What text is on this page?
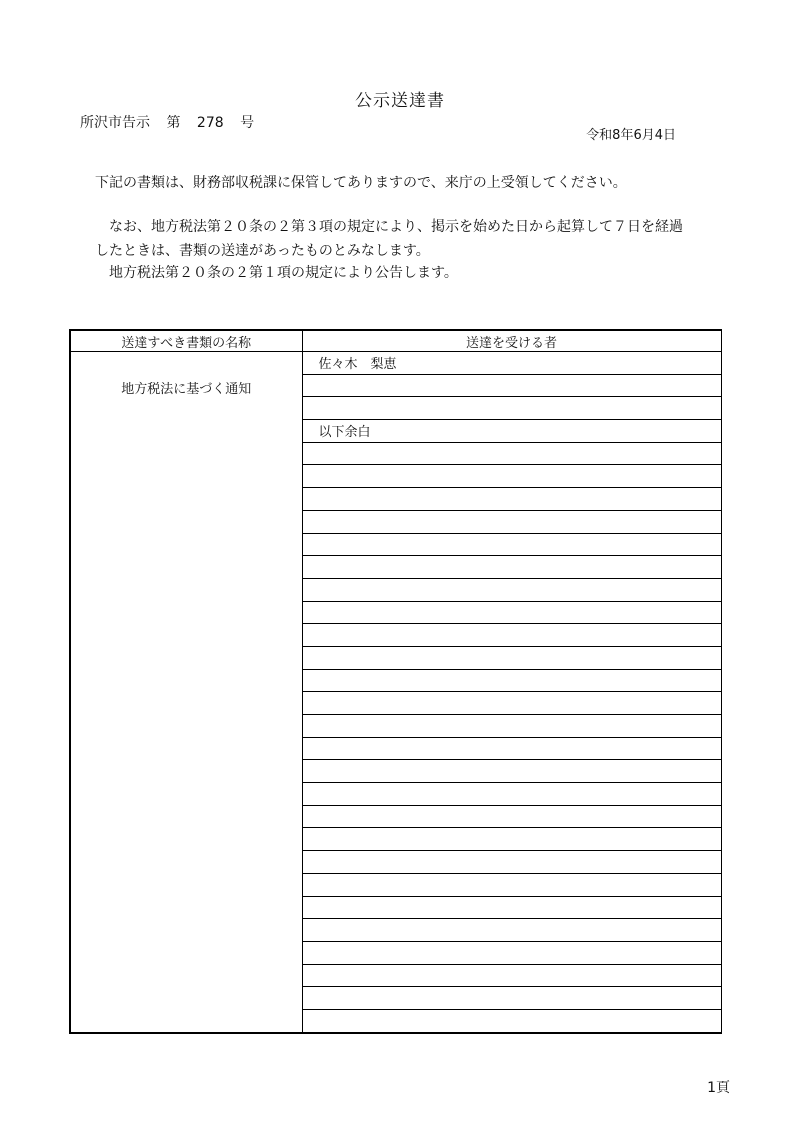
公示送達書
所沢市告示 第 278 号
令和8年6月4日
下記の書類は、財務部収税課に保管してありますので、来庁の上受領してください。
なお、地方税法第２０条の２第３項の規定により、掲示を始めた日から起算して７日を経過
したときは、書類の送達があったものとみなします。
地方税法第２０条の２第１項の規定により公告します。
送達すべき書類の名称	送達を受ける者
地方税法に基づく通知	佐々木　梨恵

	以下余白

1頁
